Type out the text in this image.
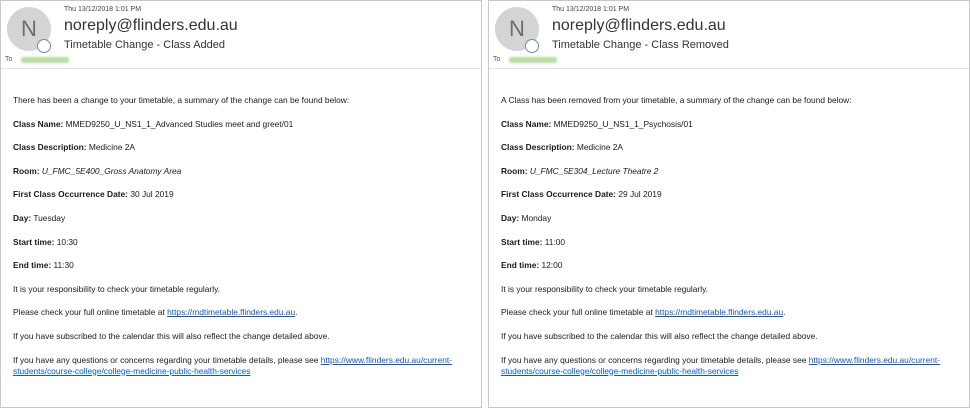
N
Thu 13/12/2018 1:01 PM
noreply@flinders.edu.au
Timetable Change - Class Added
To
There has been a change to your timetable, a summary of the change can be found below:
Class Name: MMED9250_U_NS1_1_Advanced Studies meet and greet/01
Class Description: Medicine 2A
Room: U_FMC_5E400_Gross Anatomy Area
First Class Occurrence Date: 30 Jul 2019
Day: Tuesday
Start time: 10:30
End time: 11:30
It is your responsibility to check your timetable regularly.
Please check your full online timetable at https://mdtimetable.flinders.edu.au.
If you have subscribed to the calendar this will also reflect the change detailed above.
If you have any questions or concerns regarding your timetable details, please see https://www.flinders.edu.au/current-students/course-college/college-medicine-public-health-services
N
Thu 13/12/2018 1:01 PM
noreply@flinders.edu.au
Timetable Change - Class Removed
To
A Class has been removed from your timetable, a summary of the change can be found below:
Class Name: MMED9250_U_NS1_1_Psychosis/01
Class Description: Medicine 2A
Room: U_FMC_5E304_Lecture Theatre 2
First Class Occurrence Date: 29 Jul 2019
Day: Monday
Start time: 11:00
End time: 12:00
It is your responsibility to check your timetable regularly.
Please check your full online timetable at https://mdtimetable.flinders.edu.au.
If you have subscribed to the calendar this will also reflect the change detailed above.
If you have any questions or concerns regarding your timetable details, please see https://www.flinders.edu.au/current-students/course-college/college-medicine-public-health-services
